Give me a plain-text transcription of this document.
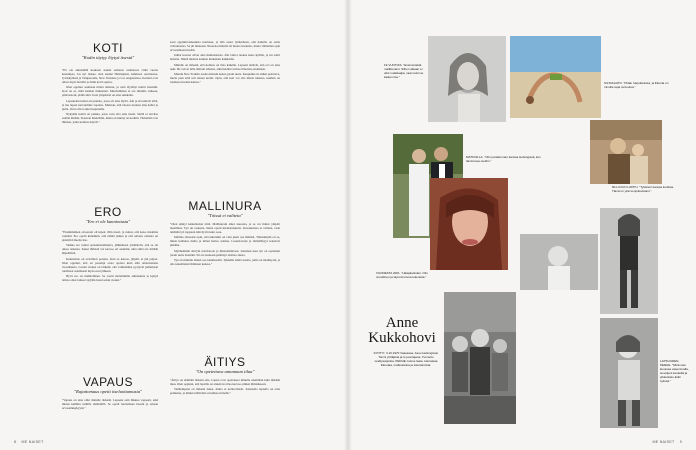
KOTI
"Kodin täytyy löytyä itsestä"

"En ole aikuisiällä koskaan asunut samassa asunnossa viittä vuotta kauempaa. Jos nyt laskee, olen asunut Helsingissä, kahdessa osoitteessa, Jyväskylässä ja Tampereella, New Yorkissa ja Los Angelesissa. Kotiani ovat olleet myös hotellit ja äitini koti Lapissa.

Olen oppinut asumaan missä tahansa, ja olen löytänyt kotini itsestäni. Koti on se, mitä kannan mukanani. Muuttaminen ei ole minulle vaikeaa, päinvastoin, pidän siitä. Uusi ympäristö on aina seikkailu.

Lapsuuden kotini oli puutalo, jossa oli aina täyttä. Äiti ja isä tekivät töitä, ja me lapset kasvoimme vapaina. Muistan, että talossa tuoksui aina kahvi ja pulla. Ovet olivat auki naapureille.

Nykyään kotini on paikka, jossa voin olla oma itseni. Siellä ei tarvitse esittää mitään. Sisustan mielelläni, mutta en kiinny tavaroihin. Tärkeintä ovat ihmiset, jotka kodissa käyvät."

ERO
"Ero ei ole kunniotusta"

"Ensimmäinen avioeroni oli kipeä. Olin nuori, ja tuntui, että koko maailma romahti. Ero opetti kuitenkin, että elämä jatkuu ja että omasta onnesta on pidettävä huolta itse.

Vaikka ero tuntui epäonnistumiselta, jälkikäteen ymmärrän, että se oli oikea ratkaisu. Kaksi ihmistä voi kasvaa eri suuntiin, eikä siinä ole mitään häpeällistä.

Kunnioitus on avioliiton perusta. Kun se katoaa, jäljelle ei jää paljon. Olen oppinut, että on parempi erota ajoissa kuin elää onnettomana vuosikausia. Lasten vuoksi on tärkeää, että vanhemmat pystyvät puhumaan toisilleen asiallisesti myös eron jälkeen.

Hyvä ero on mahdollinen. Se vaatii molemmilta aikuisuutta ja kykyä laittaa omat tunteet syrjään lasten edun vuoksi."

VAPAUS
"Rajattomuus opetti itseluottamusta"

"Vapaus on aina ollut minulle tärkeää. Lapsena sain liikkua vapaasti, eikä minua kahlittu turhilla säännöillä. Se opetti luottamaan itseeni ja omaan arvostelukykyyni."

seen oppimisvaikeuksia koulussa, ja hän sanoi tyttärelleen, että kaikilla on omat vahvuutensa. Se jäi mieleeni. Nuorena minulla oli huono itsetunto, mutta vähitellen opin arvostamaan itseäni.

Juhlat kotona olivat aina ikimuistoisia. Äiti laittoi ruokaa koko kylälle, ja isä soitti haitaria. Nämä muistot kannan mukanani kaikkialle.

Minulle on tärkeää, että kodissa on tilaa kaikille. Lapseni tietävät, että ovi on aina auki. He voivat tulla milloin tahansa, eikä heidän tarvitse ilmoittaa etukäteen.

Muutin New Yorkiin, koska halusin kokea jotain uutta. Kaupunki oli aluksi pelottava, mutta pian siitä tuli toinen kotini. Opin, että koti voi olla missä tahansa, kunhan on rauhassa itsensä kanssa."

MALLINURA
"Töissä ei valiteta"

"Olen tehnyt kaikenlaisia töitä. Mallinurani alkoi nuorena, ja se vei minut ympäri maailmaa. Työ oli raskasta, mutta opetti kurinalaisuutta. Kuvauksissa ei valiteta, vaan tehdään työ loppuun niin hyvin kuin osaa.

Mallina ollessani opin, että ulkonäkö on vain pieni osa ihmistä. Tärkeämpää on se, miten kohtelee muita ja miten hoitaa asiansa. Luotettavuus ja täsmällisyys kantavat pitkälle.

Myöhemmin siirryin televisioon ja liiketoimintaan. Jokainen uusi työ on opettanut jotain uutta itsestäni. En ole koskaan pelännyt aloittaa alusta.

Työ on minulle tärkeä osa identiteettiä. Tykkään tehdä asioita, joilla on merkitystä, ja olla tekemisissä ihmisten kanssa."

ÄITIYS
"On opetettava antamaan tilaa"

"Äitiys on elämäni tärkein asia. Lapset ovat opettaneet minulle enemmän kuin mikään muu. Olen oppinut, että lapsille on annettava tilaa kasvaa omiksi ihmisikseen.

Vanhempana on tärkeää tukea, mutta ei kontrolloida. Jokaisella lapsella on oma polkunsa, ja minun tehtäväni on kulkea rinnalla."

19-VUOTIAS. "Ensimmäisiä mallikuviani. Siihen aikaan ei ollut meikkaajia, vaan teimme kaiken itse."
SILTAKAATO. "Pidän harjoittelusta, ja liikunta on minulle tapa rentoutua."
MATKOILLA. "Olin pariskunnan kanssa Helsingissä, kun tämä kuva otettiin."
VUODESTA 2001. "Hääpäivänäni. Olin onnellinen ja täynnä toivoa tulevasta."
90-LUVUN LOPPU. "Tyttäreni kanssa kodissa. Tämä on yksi lempikuvistani."
Anne
Kukkohovi
SYNTYI: 3.10.1970 Vaasassa. Asuu Helsingissä. Toimii yrittäjänä ja tv-juontajana. Tunnettu realitysarjoista. PERHE: kolme lasta. Harrastaa liikuntaa, matkustelua ja sisustamista.
LAPSUUDEN-PERHE. "Minä olen kuvassa vasemmalla, isoveljeni keskellä ja pikkusisko äidin sylissä."
8 ME NAISET	ME NAISET 9
